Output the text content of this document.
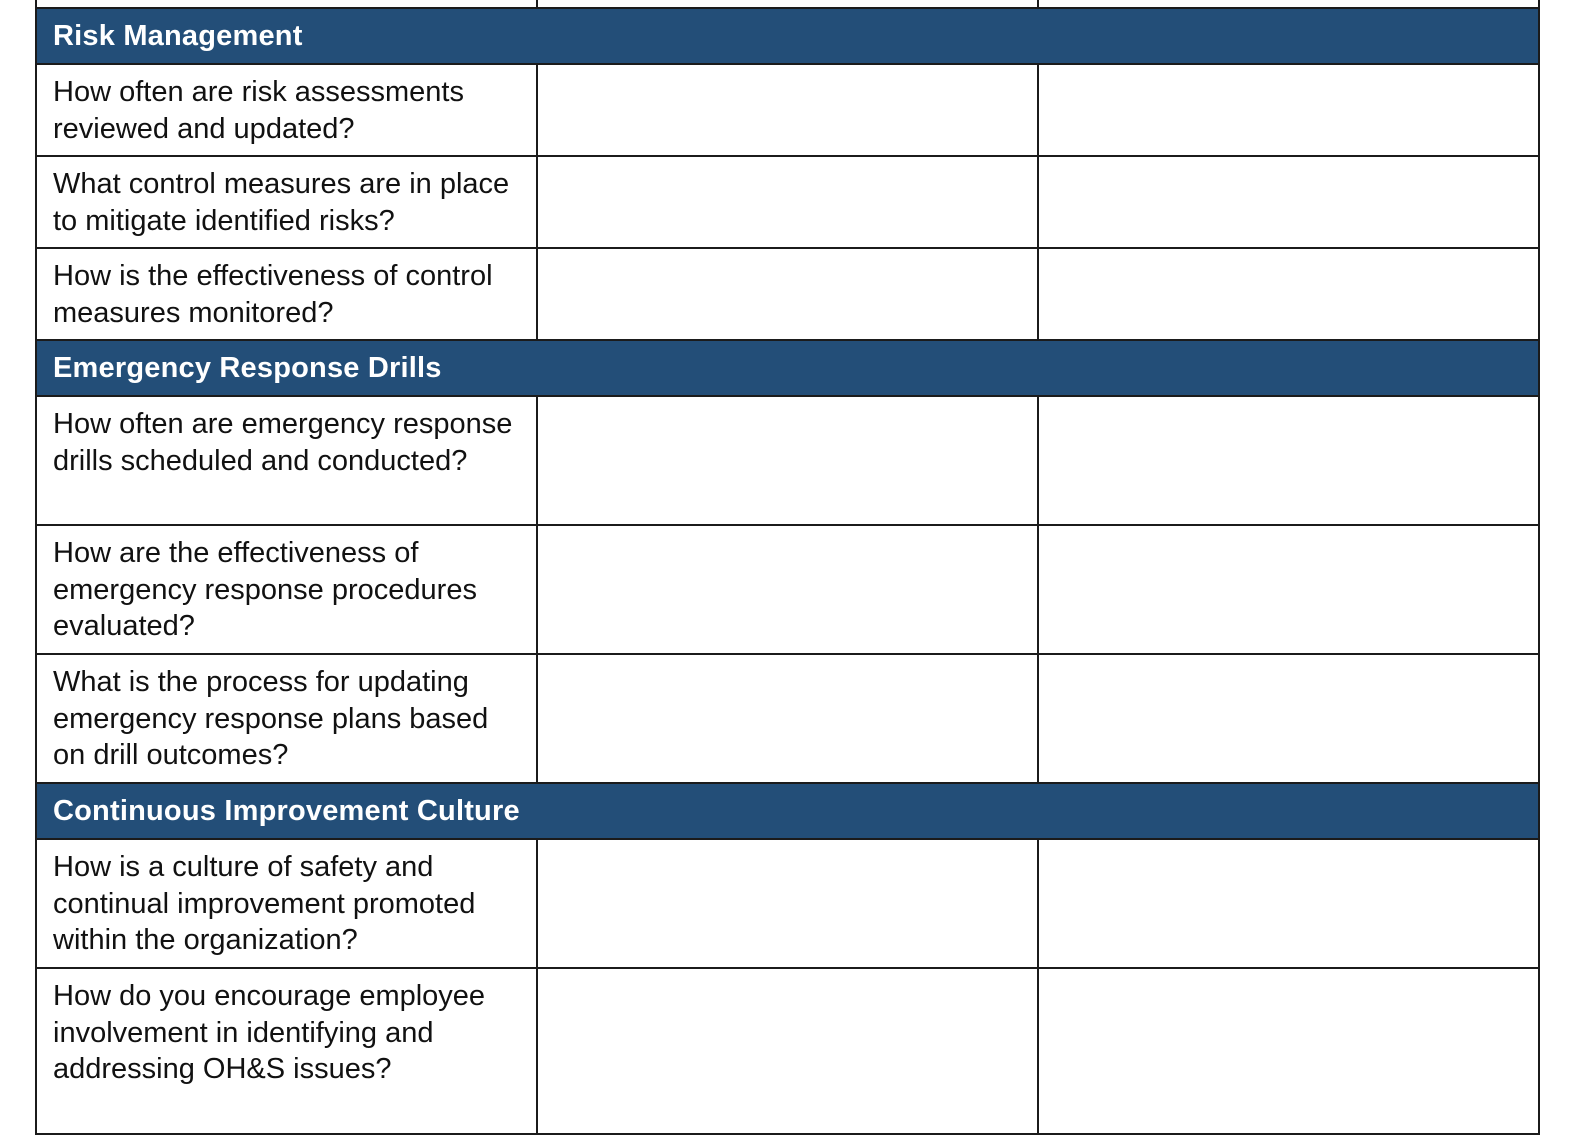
Risk Management		
How often are risk assessments reviewed and updated?		
What control measures are in place to mitigate identified risks?		
How is the effectiveness of control measures monitored?		
Emergency Response Drills		
How often are emergency response drills scheduled and conducted?		
How are the effectiveness of emergency response procedures evaluated?		
What is the process for updating emergency response plans based on drill outcomes?		
Continuous Improvement Culture		
How is a culture of safety and continual improvement promoted within the organization?		
How do you encourage employee involvement in identifying and addressing OH&S issues?		
